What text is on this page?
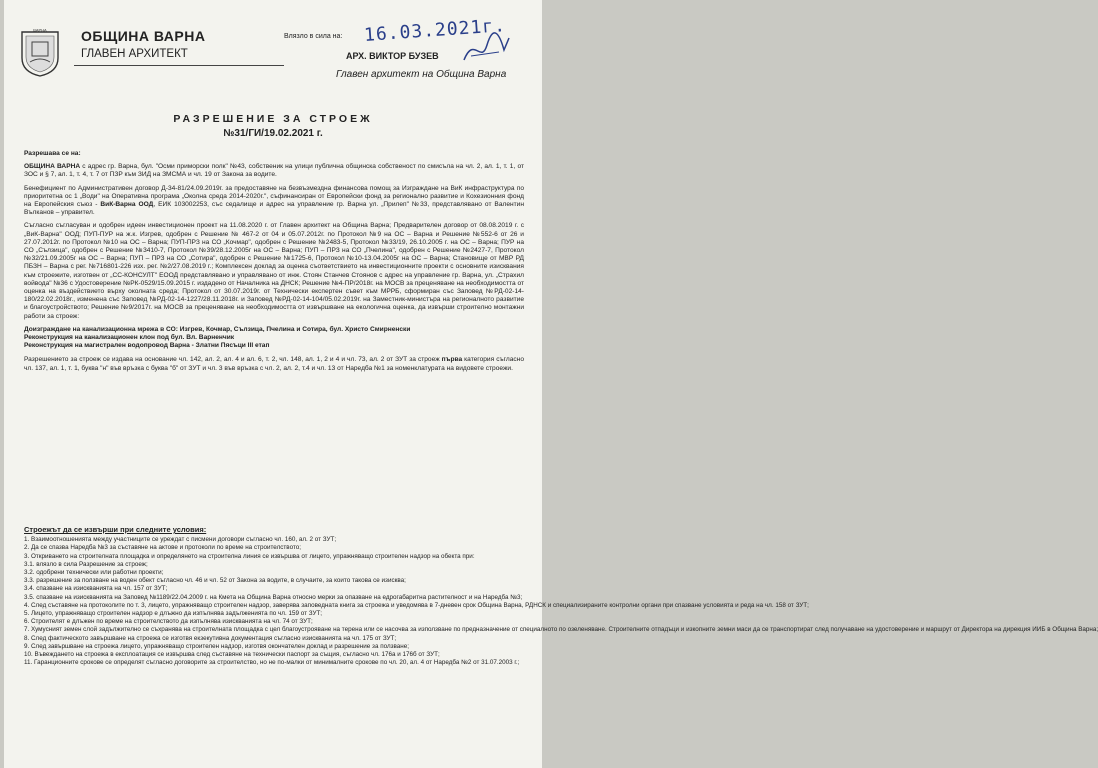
ВАРНА ОБЩИНА ВАРНА
ГЛАВЕН АРХИТЕКТ
Влязло в сила на: 16.03.2021г.
АРХ. ВИКТОР БУЗЕВ
Главен архитект на Община Варна
РАЗРЕШЕНИЕ ЗА СТРОЕЖ
№31/ГИ/19.02.2021 г.

Разрешава се на:

ОБЩИНА ВАРНА с адрес гр. Варна, бул. "Осми приморски полк" №43, собственик на улици публична общинска собственост по смисъла на чл. 2, ал. 1, т. 1, от ЗОС и § 7, ал. 1, т. 4, т. 7 от ПЗР към ЗИД на ЗМСМА и чл. 19 от Закона за водите.

Бенефициент по Административен договор Д-34-81/24.09.2019г. за предоставяне на безвъзмездна финансова помощ за Изграждане на ВиК инфраструктура по приоритетна ос 1 „Води" на Оперативна програма „Околна среда 2014-2020г.", съфинансиран от Европейски фонд за регионално развитие и Кохезионния фонд на Европейския съюз - ВиК-Варна ООД, ЕИК 103002253, със седалище и адрес на управление гр. Варна ул. „Прилеп" №33, представлявано от Валентин Вълканов – управител.

Съгласно съгласуван и одобрен идеен инвестиционен проект на 11.08.2020 г. от Главен архитект на Община Варна; Предварителен договор от 08.08.2019 г. с „ВиК-Варна" ООД; ПУП-ПУР на ж.к. Изгрев, одобрен с Решение № 467-2 от 04 и 05.07.2012г. по Протокол №9 на ОС – Варна и Решение №552-6 от 26 и 27.07.2012г. по Протокол №10 на ОС – Варна; ПУП-ПРЗ на СО „Кочмар", одобрен с Решение №2483-5, Протокол №33/19, 26.10.2005 г. на ОС – Варна; ПУР на СО „Сълзица", одобрен с Решение №3410-7, Протокол №39/28.12.2005г на ОС – Варна; ПУП – ПРЗ на СО „Пчелина", одобрен с Решение №2427-7, Протокол №32/21.09.2005г на ОС – Варна; ПУП – ПРЗ на СО „Сотира", одобрен с Решение №1725-6, Протокол №10-13.04.2005г на ОС – Варна; Становище от МВР РД ПБЗН – Варна с рег. №716801-226 изх. рег. №2/27.08.2019 г.; Комплексен доклад за оценка съответствието на инвестиционните проекти с основните изисквания към строежите, изготвен от „СС-КОНСУЛТ" ЕООД представлявано и управлявано от инж. Стоян Станчев Стоянов с адрес на управление гр. Варна, ул. „Страхил войвода" №36 с Удостоверение №РК-0529/15.09.2015 г. издадено от Началника на ДНСК; Решение №4-ПР/2018г. на МОСВ за преценяване на необходимостта от оценка на въздействието върху околната среда; Протокол от 30.07.2019г. от Технически експертен съвет към МРРБ, сформиран със Заповед №РД-02-14-180/22.02.2018г., изменена със Заповед №РД-02-14-1227/28.11.2018г. и Заповед №РД-02-14-104/05.02.2019г. на Заместник-министъра на регионалното развитие и благоустройството; Решение №9/2017г. на МОСВ за преценяване на необходимостта от извършване на екологична оценка, да извърши строително монтажни работи за строеж:

Доизграждане на канализационна мрежа в СО: Изгрев, Кочмар, Сълзица, Пчелина и Сотира, бул. Христо Смирненски
Реконструкция на канализационен клон под бул. Вл. Варненчик
Реконструкция на магистрален водопровод Варна - Златни Пясъци III етап

Разрешението за строеж се издава на основание чл. 142, ал. 2, ал. 4 и ал. 6, т. 2, чл. 148, ал. 1, 2 и 4 и чл. 73, ал. 2 от ЗУТ за строеж първа категория съгласно чл. 137, ал. 1, т. 1, буква "н" във връзка с буква "б" от ЗУТ и чл. 3 във връзка с чл. 2, ал. 2, т.4 и чл. 13 от Наредба №1 за номенклатурата на видовете строежи.

Строежът да се извърши при следните условия:
1. Взаимоотношенията между участниците се уреждат с писмени договори съгласно чл. 160, ал. 2 от ЗУТ;
2. Да се спазва Наредба №3 за съставяне на актове и протоколи по време на строителството;
3. Откриването на строителната площадка и определянето на строителна линия се извършва от лицето, упражняващо строителен надзор на обекта при:
3.1. влязло в сила Разрешение за строеж;
3.2. одобрени технически или работни проекти;
3.3. разрешение за ползване на воден обект съгласно чл. 46 и чл. 52 от Закона за водите, в случаите, за които такова се изисква;
3.4. спазване на изискванията на чл. 157 от ЗУТ;
3.5. спазване на изискванията на Заповед №1189/22.04.2009 г. на Кмета на Община Варна относно мерки за опазване на едрогабаритна растителност и на Наредба №3;
4. След съставяне на протоколите по т. 3, лицето, упражняващо строителен надзор, заверява заповедната книга за строежа и уведомява в 7-дневен срок Община Варна, РДНСК и специализираните контролни органи при спазване условията и реда на чл. 158 от ЗУТ;
5. Лицето, упражняващо строителен надзор е длъжно да изпълнява задълженията по чл. 159 от ЗУТ;
6. Строителят е длъжен по време на строителството да изпълнява изискванията на чл. 74 от ЗУТ;
7. Хумусният земен слой задължително се съхранява на строителната площадка с цел благоустрояване на терена или се насочва за използване по предназначение от специалното по озеленяване. Строителните отпадъци и изкопните земни маси да се транспортират след получаване на удостоверение и маршрут от Директора на дирекция ИИБ в Община Варна;
8. След фактическото завършване на строежа се изготвя екзекутивна документация съгласно изискванията на чл. 175 от ЗУТ;
9. След завършване на строежа лицето, упражняващо строителен надзор, изготвя окончателен доклад и разрешение за ползване;
10. Въвеждането на строежа в експлоатация се извършва след съставяне на технически паспорт за същия, съгласно чл. 176а и 176б от ЗУТ;
11. Гаранционните срокове се определят съгласно договорите за строителство, но не по-малки от минималните срокове по чл. 20, ал. 4 от Наредба №2 от 31.07.2003 г.;
